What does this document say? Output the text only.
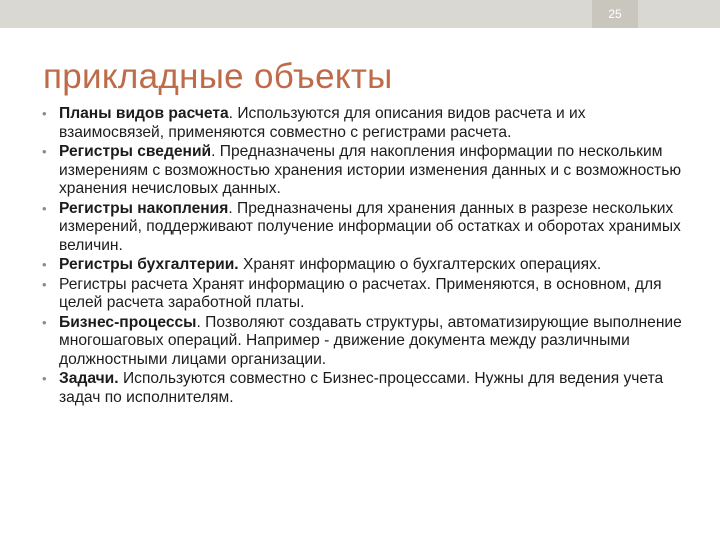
25
прикладные объекты
• Планы видов расчета. Используются для описания видов расчета и их взаимосвязей, применяются совместно с регистрами расчета.
• Регистры сведений. Предназначены для накопления информации по нескольким измерениям с возможностью хранения истории изменения данных и с возможностью хранения нечисловых данных.
• Регистры накопления. Предназначены для хранения данных в разрезе нескольких измерений, поддерживают получение информации об остатках и оборотах хранимых величин.
• Регистры бухгалтерии. Хранят информацию о бухгалтерских операциях.
• Регистры расчета Хранят информацию о расчетах. Применяются, в основном, для целей расчета заработной платы.
• Бизнес-процессы. Позволяют создавать структуры, автоматизирующие выполнение многошаговых операций. Например - движение документа между различными должностными лицами организации.
• Задачи. Используются совместно с Бизнес-процессами. Нужны для ведения учета задач по исполнителям.
